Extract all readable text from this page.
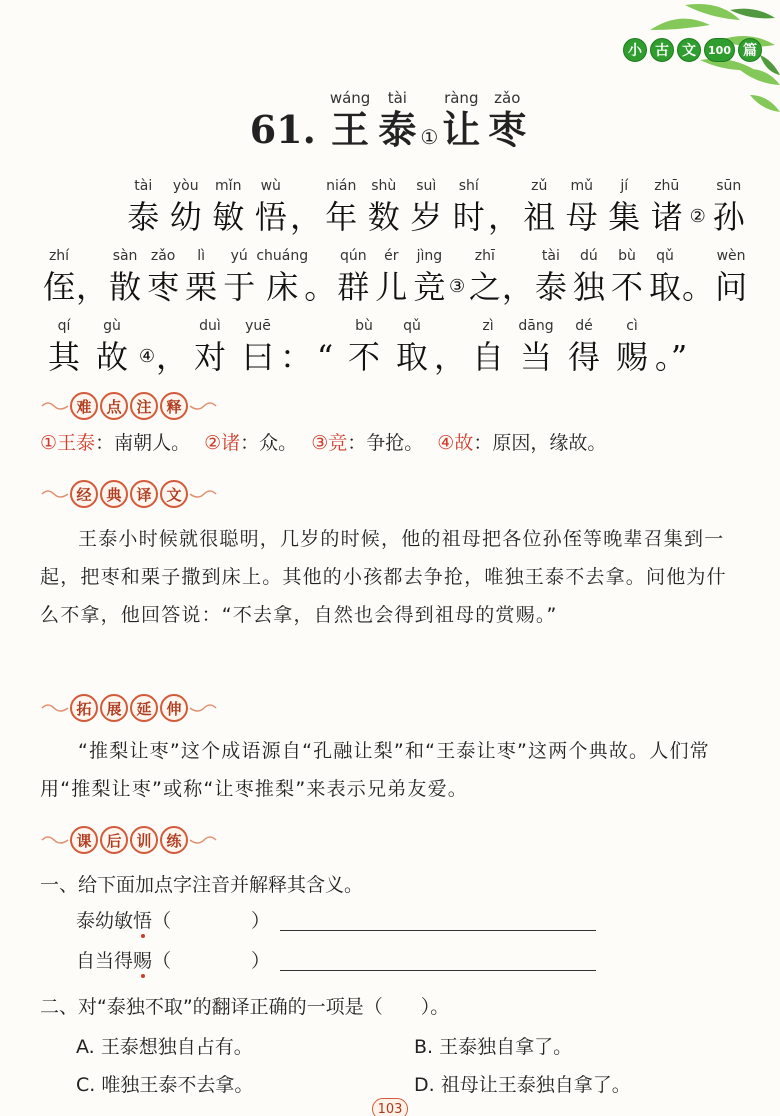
小 古 文	100 篇
61.
wáng
王
tài
泰 ①
ràng
让
zǎo
枣
tài
泰
yòu
幼
mǐn
敏
wù
悟 ，
nián
年
shù
数
suì
岁
shí
时 ，
zǔ
祖
mǔ
母
jí
集
zhū
诸 ②
sūn
孙
zhí
侄 ，
sàn
散
zǎo
枣
lì
栗
yú
于
chuáng
床 。
qún
群
ér
儿
jìng
竞 ③
zhī
之 ，
tài
泰
dú
独
bù
不
qǔ
取 。
wèn
问
qí
其
gù
故 ④ ，
duì
对
yuē
曰 ： “
bù
不
qǔ
取 ，
zì
自
dāng
当
dé
得
cì
赐 。”
难 点 注 释
①王泰：南朝人。 ②诸：众。 ③竞：争抢。 ④故：原因，缘故。
经 典 译 文
王泰小时候就很聪明，几岁的时候，他的祖母把各位孙侄等晚辈召集到一起，把枣和栗子撒到床上。其他的小孩都去争抢，唯独王泰不去拿。问他为什么不拿，他回答说：“不去拿，自然也会得到祖母的赏赐。”
拓 展 延 伸
“推梨让枣”这个成语源自“孔融让梨”和“王泰让枣”这两个典故。人们常用“推梨让枣”或称“让枣推梨”来表示兄弟友爱。
课 后 训 练
一、给下面加点字注音并解释其含义。
泰幼敏悟 （	）
自当得赐 （	）
二、对“泰独不取”的翻译正确的一项是（　　）。
A. 王泰想独自占有。	B. 王泰独自拿了。
C. 唯独王泰不去拿。	D. 祖母让王泰独自拿了。
103
